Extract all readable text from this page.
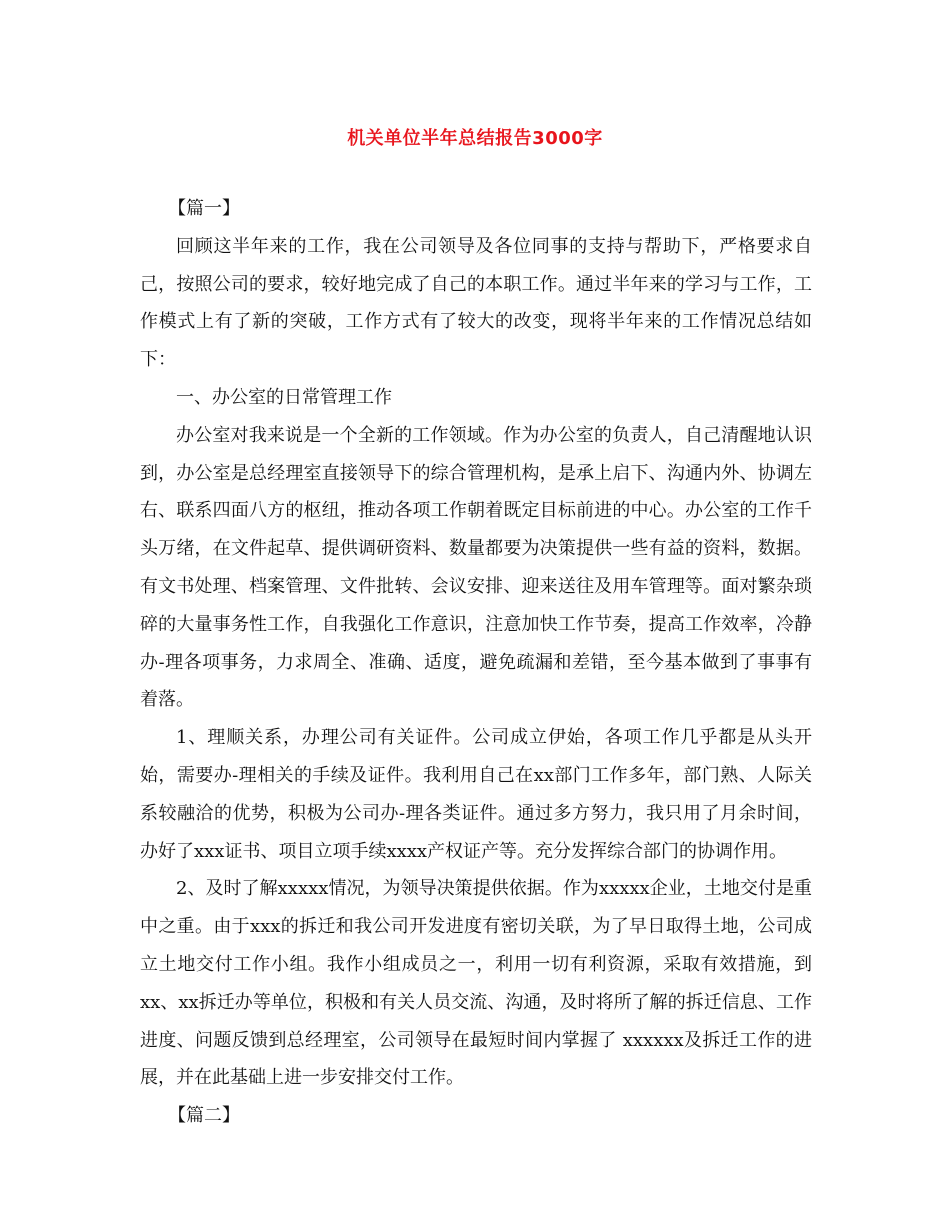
机关单位半年总结报告3000字

【篇一】

回顾这半年来的工作，我在公司领导及各位同事的支持与帮助下，严格要求自己，按照公司的要求，较好地完成了自己的本职工作。通过半年来的学习与工作，工作模式上有了新的突破，工作方式有了较大的改变，现将半年来的工作情况总结如下：

一、办公室的日常管理工作

办公室对我来说是一个全新的工作领域。作为办公室的负责人，自己清醒地认识到，办公室是总经理室直接领导下的综合管理机构，是承上启下、沟通内外、协调左右、联系四面八方的枢纽，推动各项工作朝着既定目标前进的中心。办公室的工作千头万绪，在文件起草、提供调研资料、数量都要为决策提供一些有益的资料，数据。有文书处理、档案管理、文件批转、会议安排、迎来送往及用车管理等。面对繁杂琐碎的大量事务性工作，自我强化工作意识，注意加快工作节奏，提高工作效率，冷静办-理各项事务，力求周全、准确、适度，避免疏漏和差错，至今基本做到了事事有着落。

1、理顺关系，办理公司有关证件。公司成立伊始，各项工作几乎都是从头开始，需要办-理相关的手续及证件。我利用自己在xx部门工作多年，部门熟、人际关系较融洽的优势，积极为公司办-理各类证件。通过多方努力，我只用了月余时间，办好了xxx证书、项目立项手续xxxx产权证产等。充分发挥综合部门的协调作用。

2、及时了解xxxxx情况，为领导决策提供依据。作为xxxxx企业，土地交付是重中之重。由于xxx的拆迁和我公司开发进度有密切关联，为了早日取得土地，公司成立土地交付工作小组。我作小组成员之一，利用一切有利资源，采取有效措施，到xx、xx拆迁办等单位，积极和有关人员交流、沟通，及时将所了解的拆迁信息、工作进度、问题反馈到总经理室，公司领导在最短时间内掌握了 xxxxxx及拆迁工作的进展，并在此基础上进一步安排交付工作。

【篇二】
